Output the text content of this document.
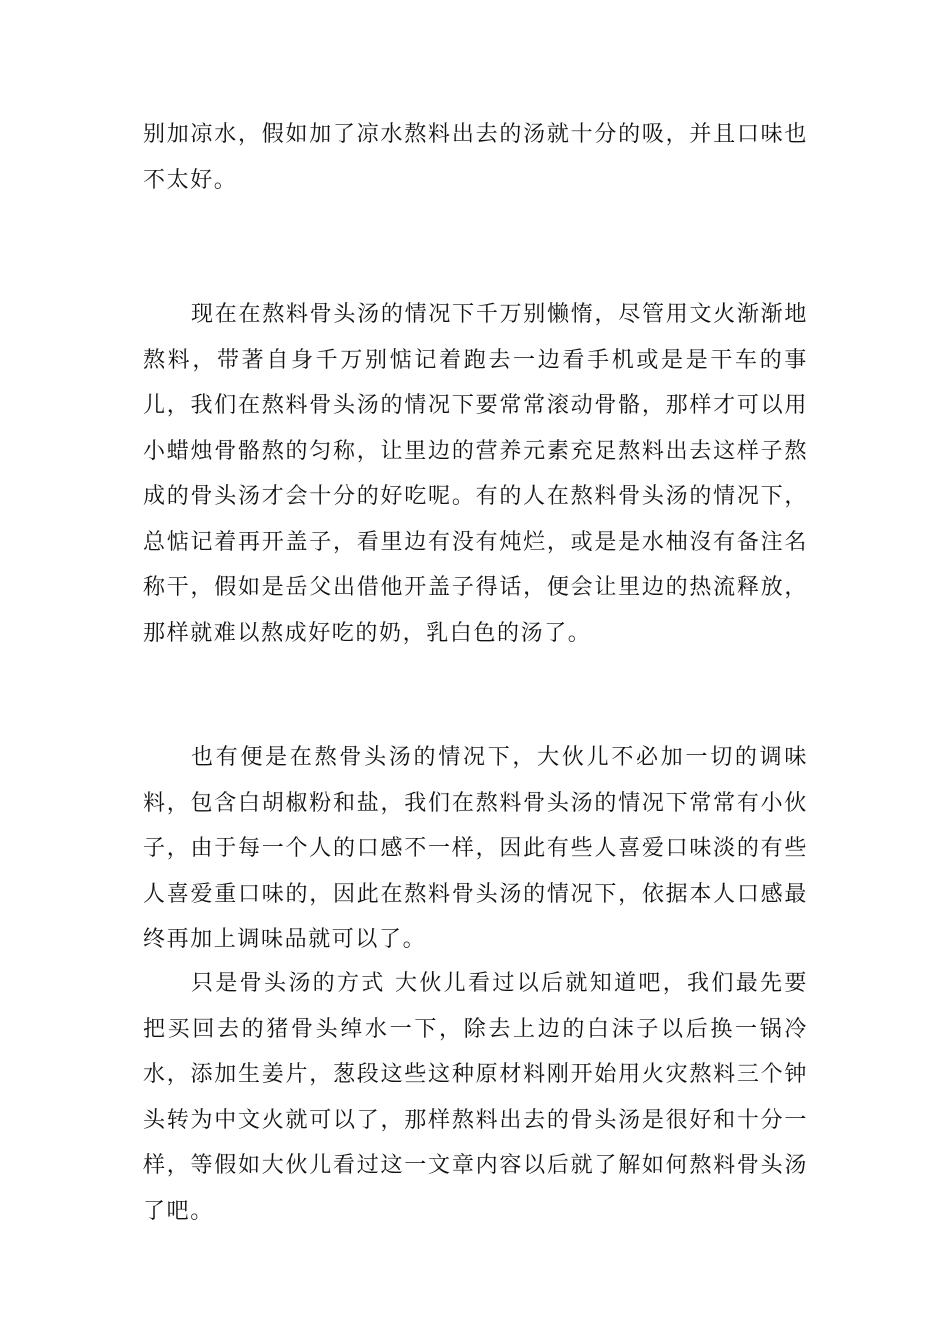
别加凉水，假如加了凉水熬料出去的汤就十分的吸，并且口味也不太好。

现在在熬料骨头汤的情况下千万别懒惰，尽管用文火渐渐地熬料，带著自身千万别惦记着跑去一边看手机或是是干车的事儿，我们在熬料骨头汤的情况下要常常滚动骨骼，那样才可以用小蜡烛骨骼熬的匀称，让里边的营养元素充足熬料出去这样子熬成的骨头汤才会十分的好吃呢。有的人在熬料骨头汤的情况下，总惦记着再开盖子，看里边有没有炖烂，或是是水柚沒有备注名称干，假如是岳父出借他开盖子得话，便会让里边的热流释放，那样就难以熬成好吃的奶，乳白色的汤了。

也有便是在熬骨头汤的情况下，大伙儿不必加一切的调味料，包含白胡椒粉和盐，我们在熬料骨头汤的情况下常常有小伙子，由于每一个人的口感不一样，因此有些人喜爱口味淡的有些人喜爱重口味的，因此在熬料骨头汤的情况下，依据本人口感最终再加上调味品就可以了。

只是骨头汤的方式 大伙儿看过以后就知道吧，我们最先要把买回去的猪骨头绰水一下，除去上边的白沫子以后换一锅冷水，添加生姜片，葱段这些这种原材料刚开始用火灾熬料三个钟头转为中文火就可以了，那样熬料出去的骨头汤是很好和十分一样，等假如大伙儿看过这一文章内容以后就了解如何熬料骨头汤了吧。
